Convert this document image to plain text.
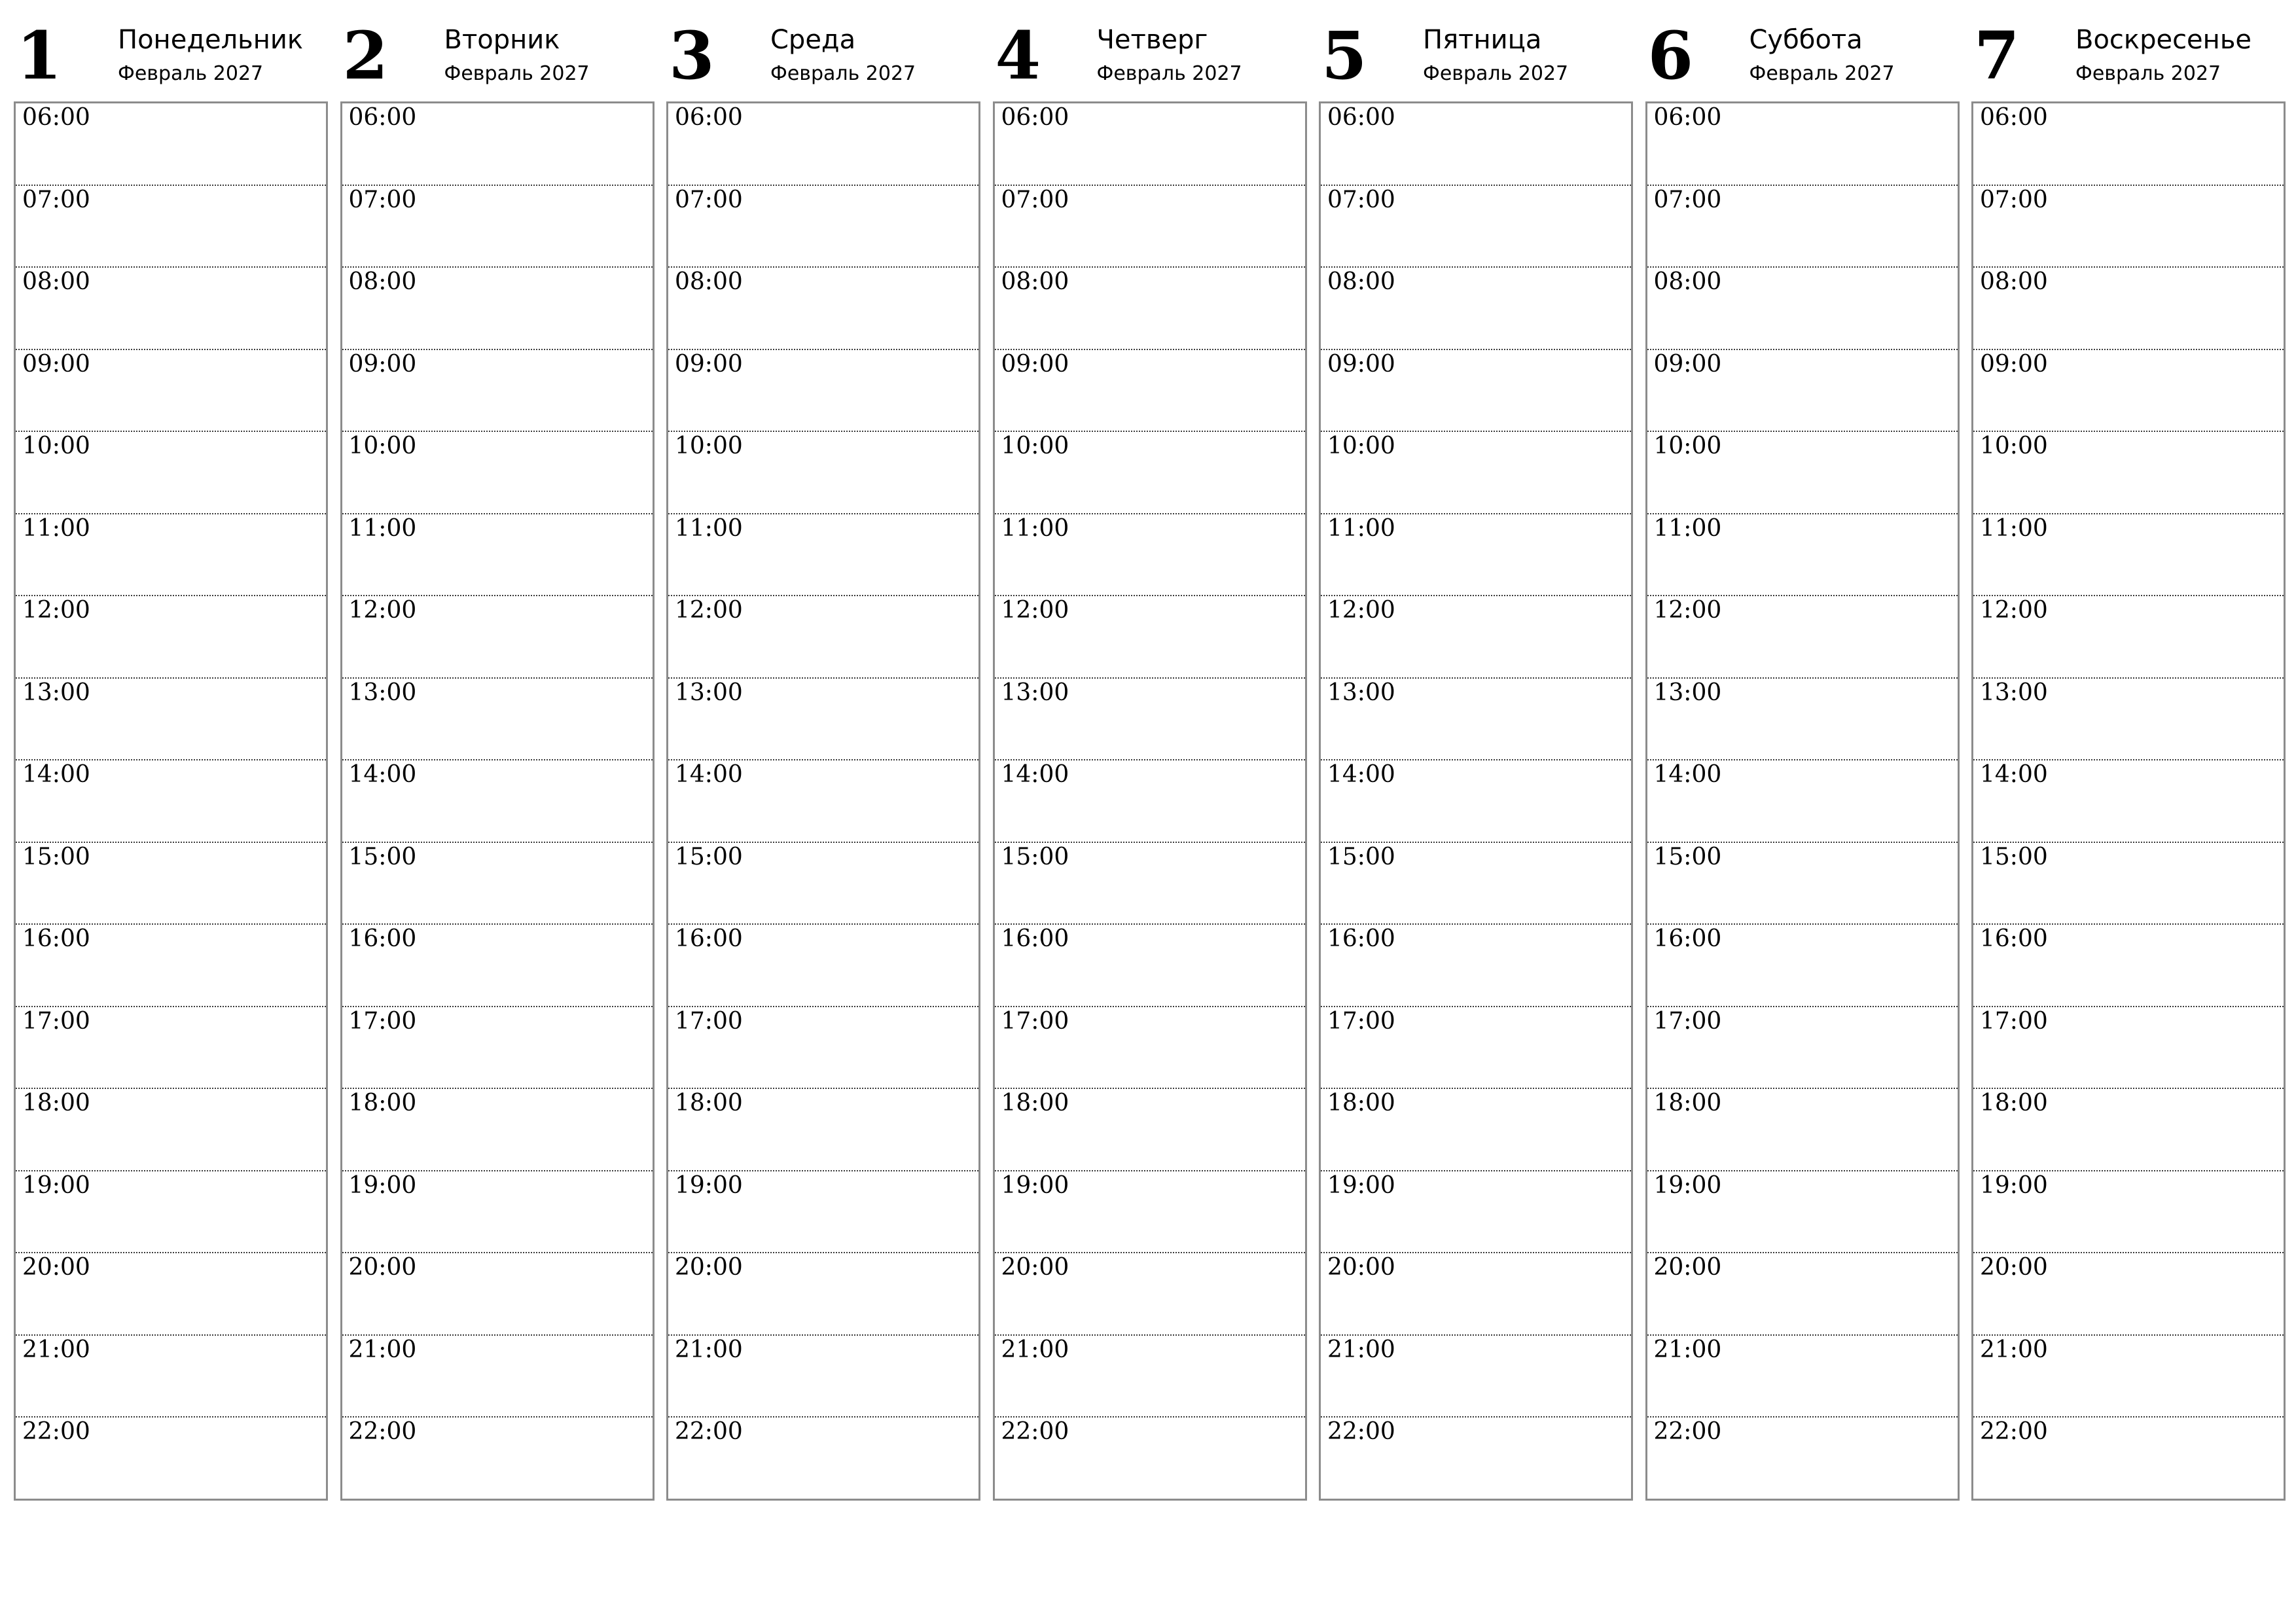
1 Понедельник
Февраль 2027
06:00
07:00
08:00
09:00
10:00
11:00
12:00
13:00
14:00
15:00
16:00
17:00
18:00
19:00
20:00
21:00
22:00
2 Вторник
Февраль 2027
06:00
07:00
08:00
09:00
10:00
11:00
12:00
13:00
14:00
15:00
16:00
17:00
18:00
19:00
20:00
21:00
22:00
3 Среда
Февраль 2027
06:00
07:00
08:00
09:00
10:00
11:00
12:00
13:00
14:00
15:00
16:00
17:00
18:00
19:00
20:00
21:00
22:00
4 Четверг
Февраль 2027
06:00
07:00
08:00
09:00
10:00
11:00
12:00
13:00
14:00
15:00
16:00
17:00
18:00
19:00
20:00
21:00
22:00
5 Пятница
Февраль 2027
06:00
07:00
08:00
09:00
10:00
11:00
12:00
13:00
14:00
15:00
16:00
17:00
18:00
19:00
20:00
21:00
22:00
6 Суббота
Февраль 2027
06:00
07:00
08:00
09:00
10:00
11:00
12:00
13:00
14:00
15:00
16:00
17:00
18:00
19:00
20:00
21:00
22:00
7 Воскресенье
Февраль 2027
06:00
07:00
08:00
09:00
10:00
11:00
12:00
13:00
14:00
15:00
16:00
17:00
18:00
19:00
20:00
21:00
22:00
